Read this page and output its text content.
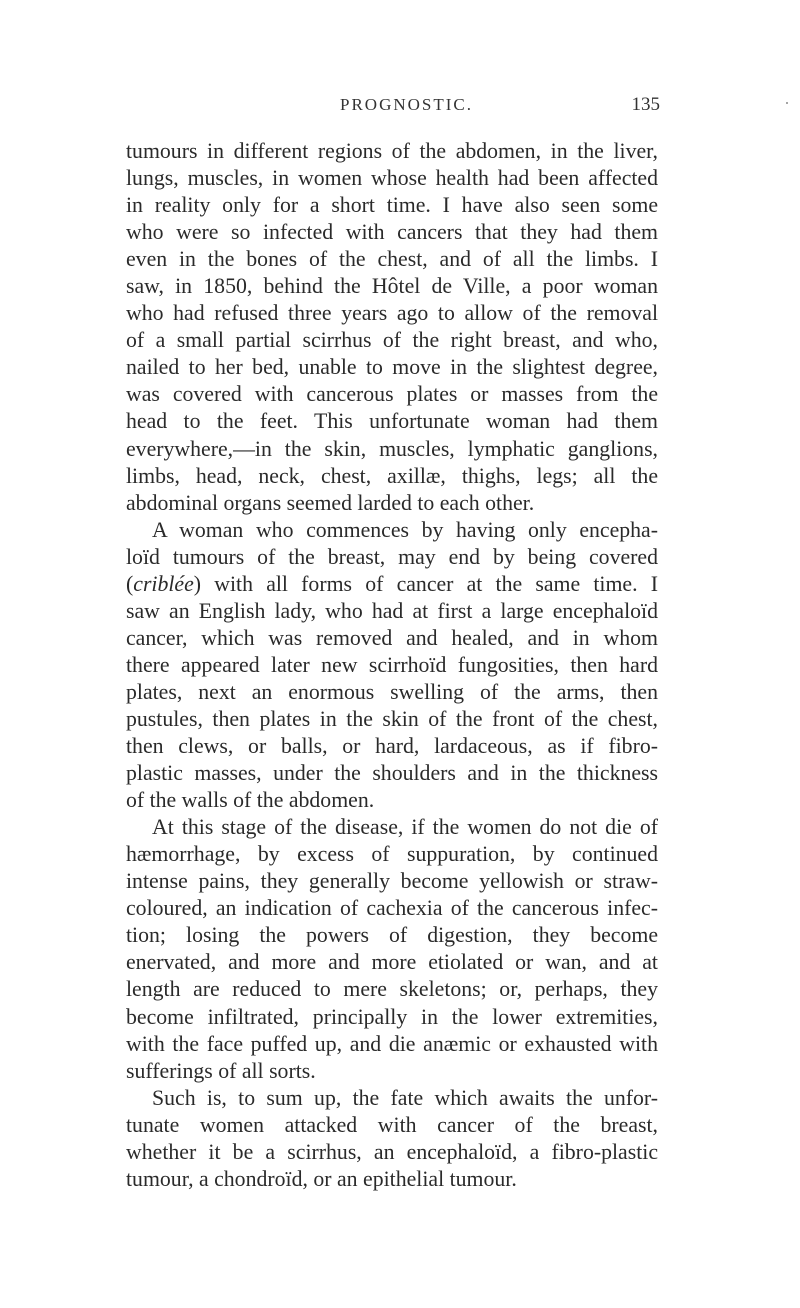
PROGNOSTIC.	135
tumours in different regions of the abdomen, in the liver,
lungs, muscles, in women whose health had been affected
in reality only for a short time. I have also seen some
who were so infected with cancers that they had them
even in the bones of the chest, and of all the limbs. I
saw, in 1850, behind the Hôtel de Ville, a poor woman
who had refused three years ago to allow of the removal
of a small partial scirrhus of the right breast, and who,
nailed to her bed, unable to move in the slightest degree,
was covered with cancerous plates or masses from the
head to the feet. This unfortunate woman had them
everywhere,—in the skin, muscles, lymphatic ganglions,
limbs, head, neck, chest, axillæ, thighs, legs; all the
abdominal organs seemed larded to each other.
A woman who commences by having only encepha-
loïd tumours of the breast, may end by being covered
(criblée) with all forms of cancer at the same time. I
saw an English lady, who had at first a large encephaloïd
cancer, which was removed and healed, and in whom
there appeared later new scirrhoïd fungosities, then hard
plates, next an enormous swelling of the arms, then
pustules, then plates in the skin of the front of the chest,
then clews, or balls, or hard, lardaceous, as if fibro-
plastic masses, under the shoulders and in the thickness
of the walls of the abdomen.
At this stage of the disease, if the women do not die of
hæmorrhage, by excess of suppuration, by continued
intense pains, they generally become yellowish or straw-
coloured, an indication of cachexia of the cancerous infec-
tion; losing the powers of digestion, they become
enervated, and more and more etiolated or wan, and at
length are reduced to mere skeletons; or, perhaps, they
become infiltrated, principally in the lower extremities,
with the face puffed up, and die anæmic or exhausted with
sufferings of all sorts.
Such is, to sum up, the fate which awaits the unfor-
tunate women attacked with cancer of the breast,
whether it be a scirrhus, an encephaloïd, a fibro-plastic
tumour, a chondroïd, or an epithelial tumour.
